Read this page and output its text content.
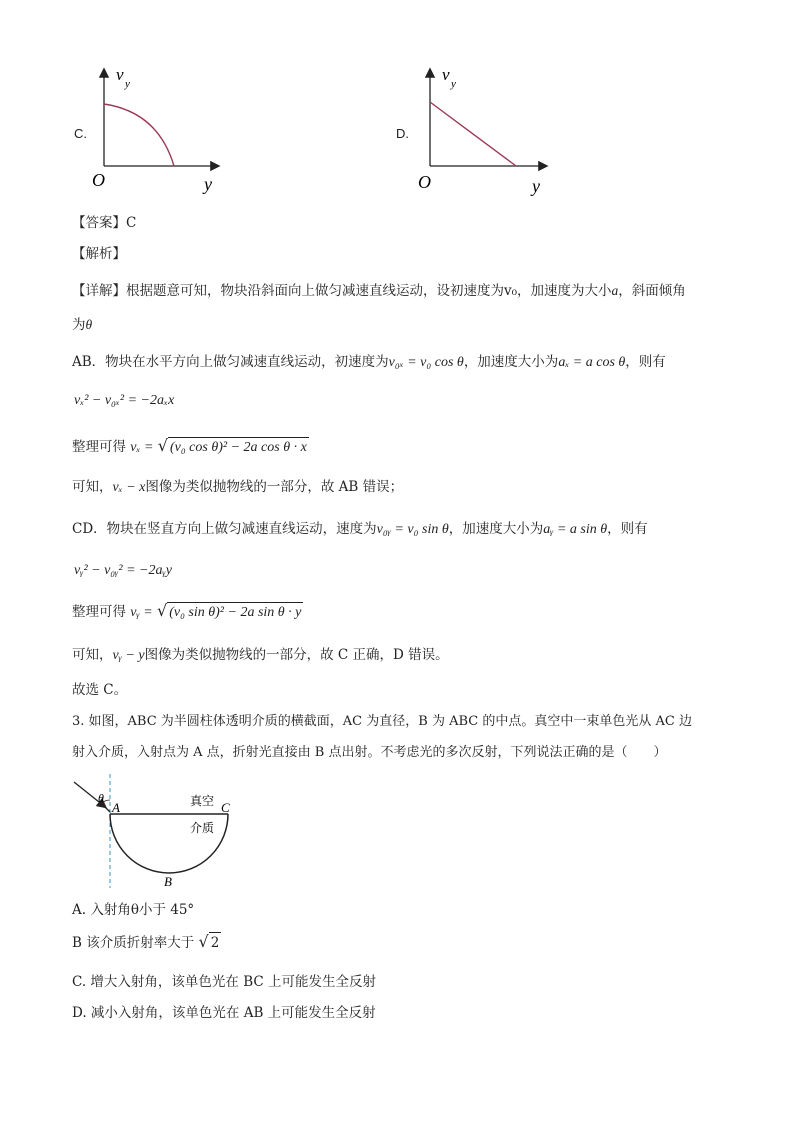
C.
v y
O	y
D.
v y
O	y
【答案】C
【解析】
【详解】根据题意可知，物块沿斜面向上做匀减速直线运动，设初速度为v₀，加速度为大小a，斜面倾角
为θ
AB．物块在水平方向上做匀减速直线运动，初速度为v₀ₓ = v₀ cos θ，加速度大小为aₓ = a cos θ，则有
vₓ² − v₀ₓ² = −2aₓx
整理可得 vₓ = √ (v₀ cos θ)² − 2a cos θ · x
可知，vₓ − x图像为类似抛物线的一部分，故 AB 错误；
CD．物块在竖直方向上做匀减速直线运动，速度为v₀ᵧ = v₀ sin θ，加速度大小为aᵧ = a sin θ，则有
vᵧ² − v₀ᵧ² = −2aᵧy
整理可得 vᵧ = √ (v₀ sin θ)² − 2a sin θ · y
可知，vᵧ − y图像为类似抛物线的一部分，故 C 正确，D 错误。
故选 C。
3. 如图，ABC 为半圆柱体透明介质的横截面，AC 为直径，B 为 ABC 的中点。真空中一束单色光从 AC 边
射入介质，入射点为 A 点，折射光直接由 B 点出射。不考虑光的多次反射，下列说法正确的是（　　）
θ
A	C
B
真空
介质
A. 入射角θ小于 45°
B 该介质折射率大于 √ 2
C. 增大入射角，该单色光在 BC 上可能发生全反射
D. 减小入射角，该单色光在 AB 上可能发生全反射
